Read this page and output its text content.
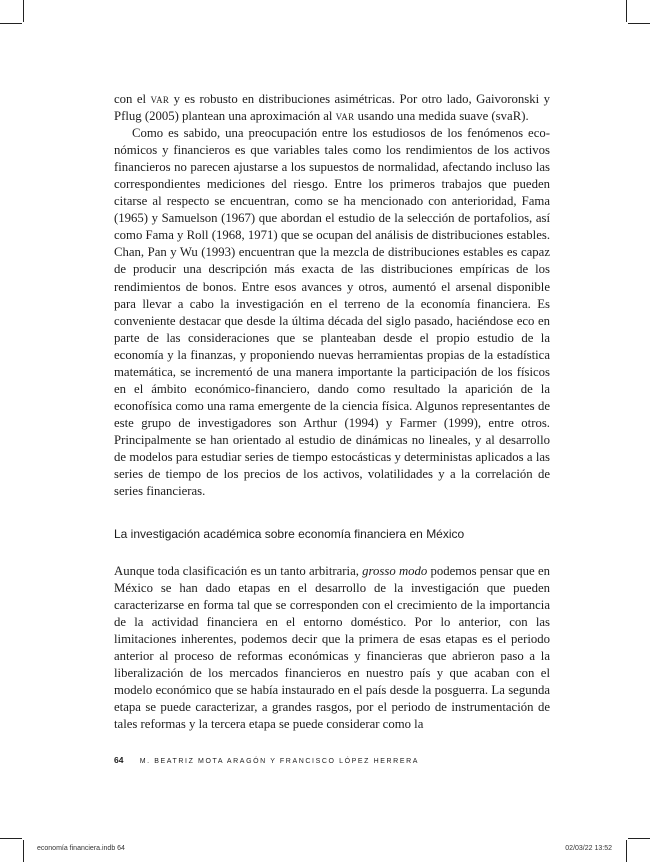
con el var y es robusto en distribuciones asimétricas. Por otro lado, Gaivoronski y Pflug (2005) plantean una aproximación al var usando una medida suave (svaR).

Como es sabido, una preocupación entre los estudiosos de los fenómenos económicos y financieros es que variables tales como los rendimientos de los activos financieros no parecen ajustarse a los supuestos de normalidad, afectando incluso las correspondientes mediciones del riesgo. Entre los primeros trabajos que pueden citarse al respecto se encuentran, como se ha mencionado con anterioridad, Fama (1965) y Samuelson (1967) que abordan el estudio de la selección de portafolios, así como Fama y Roll (1968, 1971) que se ocupan del análisis de distribuciones estables. Chan, Pan y Wu (1993) encuentran que la mezcla de distribuciones estables es capaz de producir una descripción más exacta de las distribuciones empíricas de los rendimientos de bonos. Entre esos avances y otros, aumentó el arsenal disponible para llevar a cabo la investigación en el terreno de la economía financiera. Es conveniente destacar que desde la última década del siglo pasado, haciéndose eco en parte de las consideraciones que se planteaban desde el propio estudio de la economía y la finanzas, y proponiendo nuevas herramientas propias de la estadística matemática, se incrementó de una manera importante la participación de los físicos en el ámbito económico-financiero, dando como resultado la aparición de la econofísica como una rama emergente de la ciencia física. Algunos representantes de este grupo de investigadores son Arthur (1994) y Farmer (1999), entre otros. Principalmente se han orientado al estudio de dinámicas no lineales, y al desarrollo de modelos para estudiar series de tiempo estocásticas y deterministas aplicados a las series de tiempo de los precios de los activos, volatilidades y a la correlación de series financieras.

La investigación académica sobre economía financiera en México

Aunque toda clasificación es un tanto arbitraria, grosso modo podemos pensar que en México se han dado etapas en el desarrollo de la investigación que pueden caracterizarse en forma tal que se corresponden con el crecimiento de la importancia de la actividad financiera en el entorno doméstico. Por lo anterior, con las limitaciones inherentes, podemos decir que la primera de esas etapas es el periodo anterior al proceso de reformas económicas y financieras que abrieron paso a la liberalización de los mercados financieros en nuestro país y que acaban con el modelo económico que se había instaurado en el país desde la posguerra. La segunda etapa se puede caracterizar, a grandes rasgos, por el periodo de instrumentación de tales reformas y la tercera etapa se puede considerar como la

64 M. BEATRIZ MOTA ARAGÓN Y FRANCISCO LÓPEZ HERRERA
economía financiera.indb 64	02/03/22 13:52
